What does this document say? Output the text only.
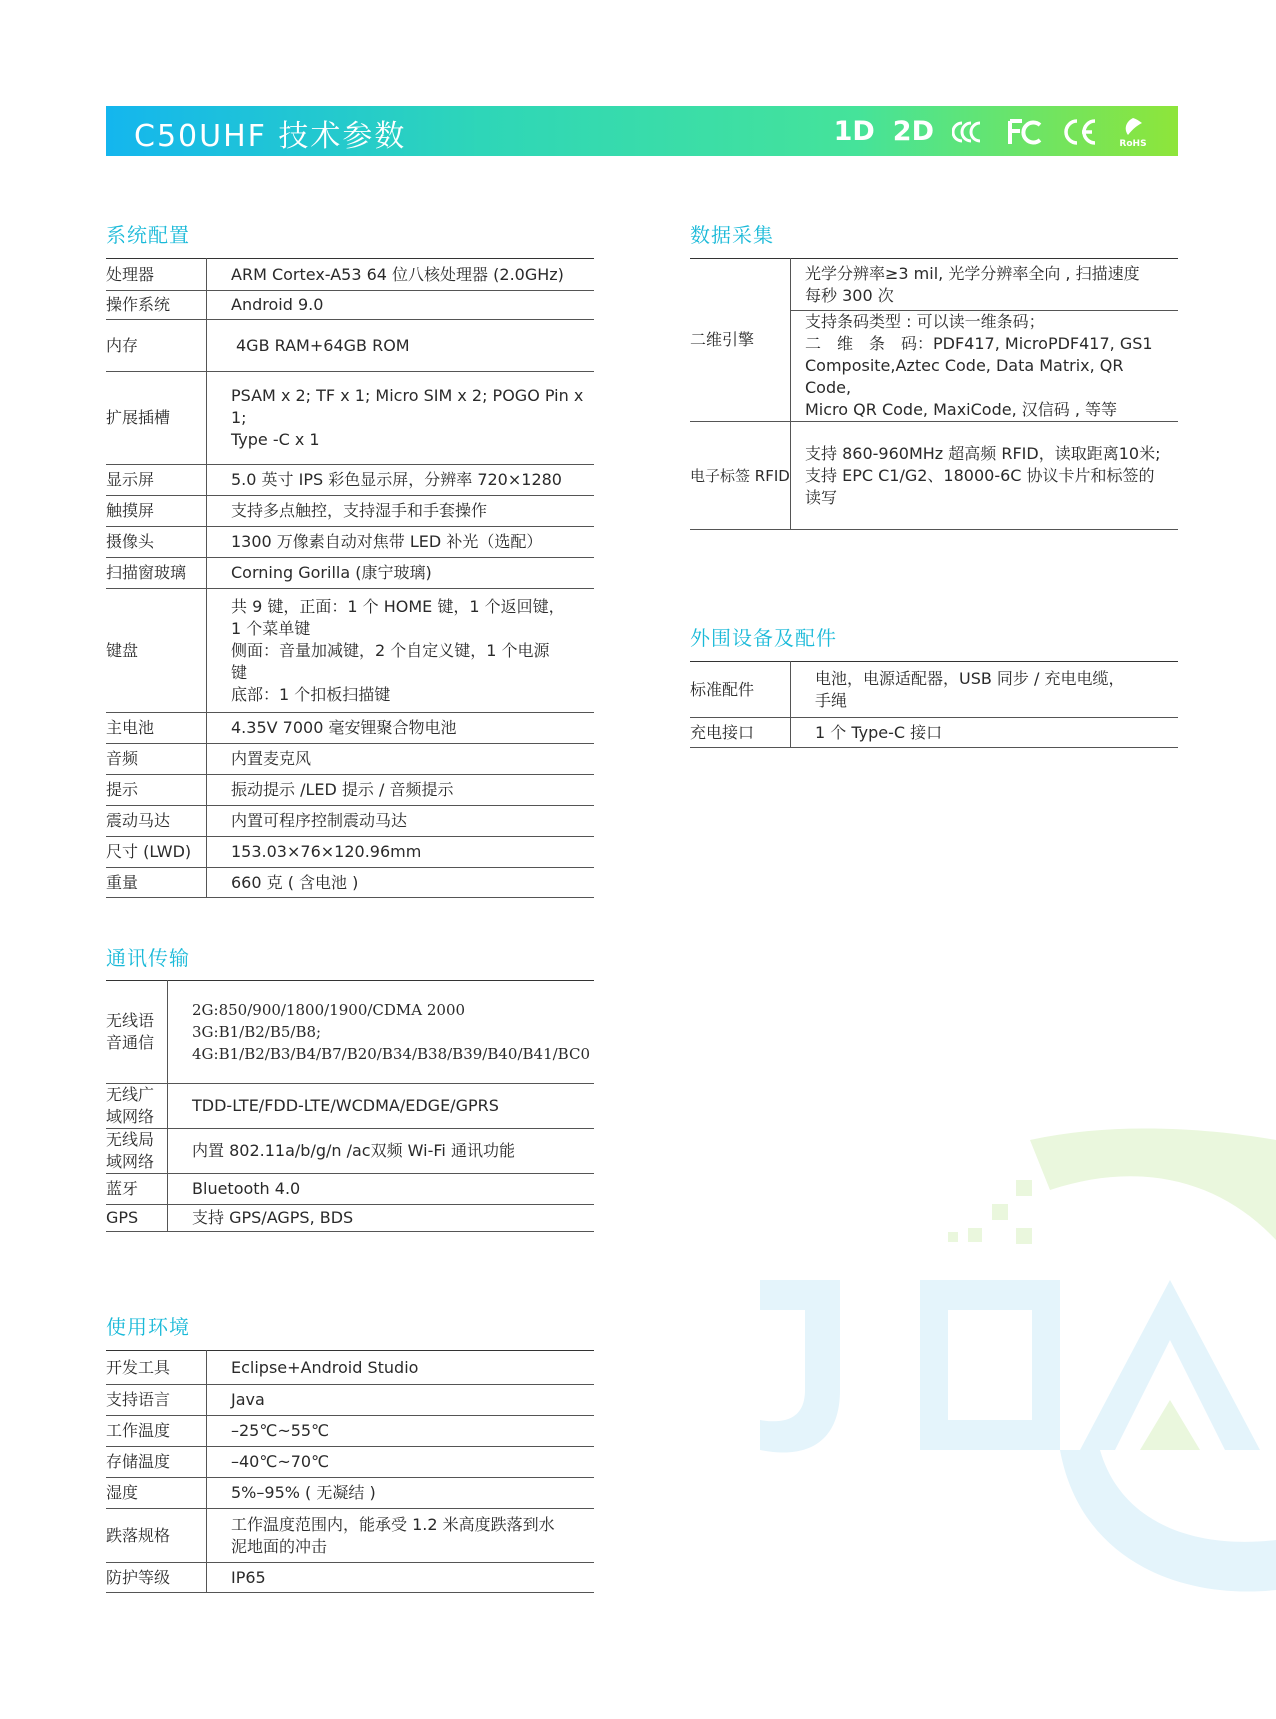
C50UHF 技术参数	1D 2D	RoHS
系统配置
处理器	ARM Cortex-A53 64 位八核处理器 (2.0GHz)

操作系统	Android 9.0

内存	4GB RAM+64GB ROM

扩展插槽	PSAM x 2; TF x 1; Micro SIM x 2; POGO Pin x 1;
Type -C x 1

显示屏	5.0 英寸 IPS 彩色显示屏，分辨率 720×1280

触摸屏	支持多点触控，支持湿手和手套操作

摄像头	1300 万像素自动对焦带 LED 补光（选配）

扫描窗玻璃	Corning Gorilla (康宁玻璃)

键盘	共 9 键，正面：1 个 HOME 键，1 个返回键，
1 个菜单键
侧面：音量加减键，2 个自定义键，1 个电源
键
底部：1 个扣板扫描键

主电池	4.35V 7000 毫安锂聚合物电池

音频	内置麦克风

提示	振动提示 /LED 提示 / 音频提示

震动马达	内置可程序控制震动马达

尺寸 (LWD)	153.03×76×120.96mm

重量	660 克 ( 含电池 )
通讯传输
无线语音通信	2G:850/900/1800/1900/CDMA 2000
3G:B1/B2/B5/B8;
4G:B1/B2/B3/B4/B7/B20/B34/B38/B39/B40/B41/BC0

无线广域网络	TDD-LTE/FDD-LTE/WCDMA/EDGE/GPRS

无线局域网络	内置 802.11a/b/g/n /ac双频 Wi-Fi 通讯功能

蓝牙	Bluetooth 4.0

GPS	支持 GPS/AGPS, BDS
使用环境
开发工具	Eclipse+Android Studio

支持语言	Java

工作温度	–25℃~55℃

存储温度	–40℃~70℃

湿度	5%–95% ( 无凝结 )

跌落规格	工作温度范围内，能承受 1.2 米高度跌落到水
泥地面的冲击

防护等级	IP65
数据采集
二维引擎	光学分辨率≥3 mil, 光学分辨率全向 , 扫描速度
每秒 300 次

	支持条码类型 : 可以读一维条码；
二　维　条　码：PDF417, MicroPDF417, GS1
Composite,Aztec Code, Data Matrix, QR Code,
Micro QR Code, MaxiCode, 汉信码 , 等等

电子标签 RFID	支持 860-960MHz 超高频 RFID，读取距离10米;
支持 EPC C1/G2、18000-6C 协议卡片和标签的
读写
外围设备及配件
标准配件	电池，电源适配器，USB 同步 / 充电电缆，
手绳

充电接口	1 个 Type-C 接口
